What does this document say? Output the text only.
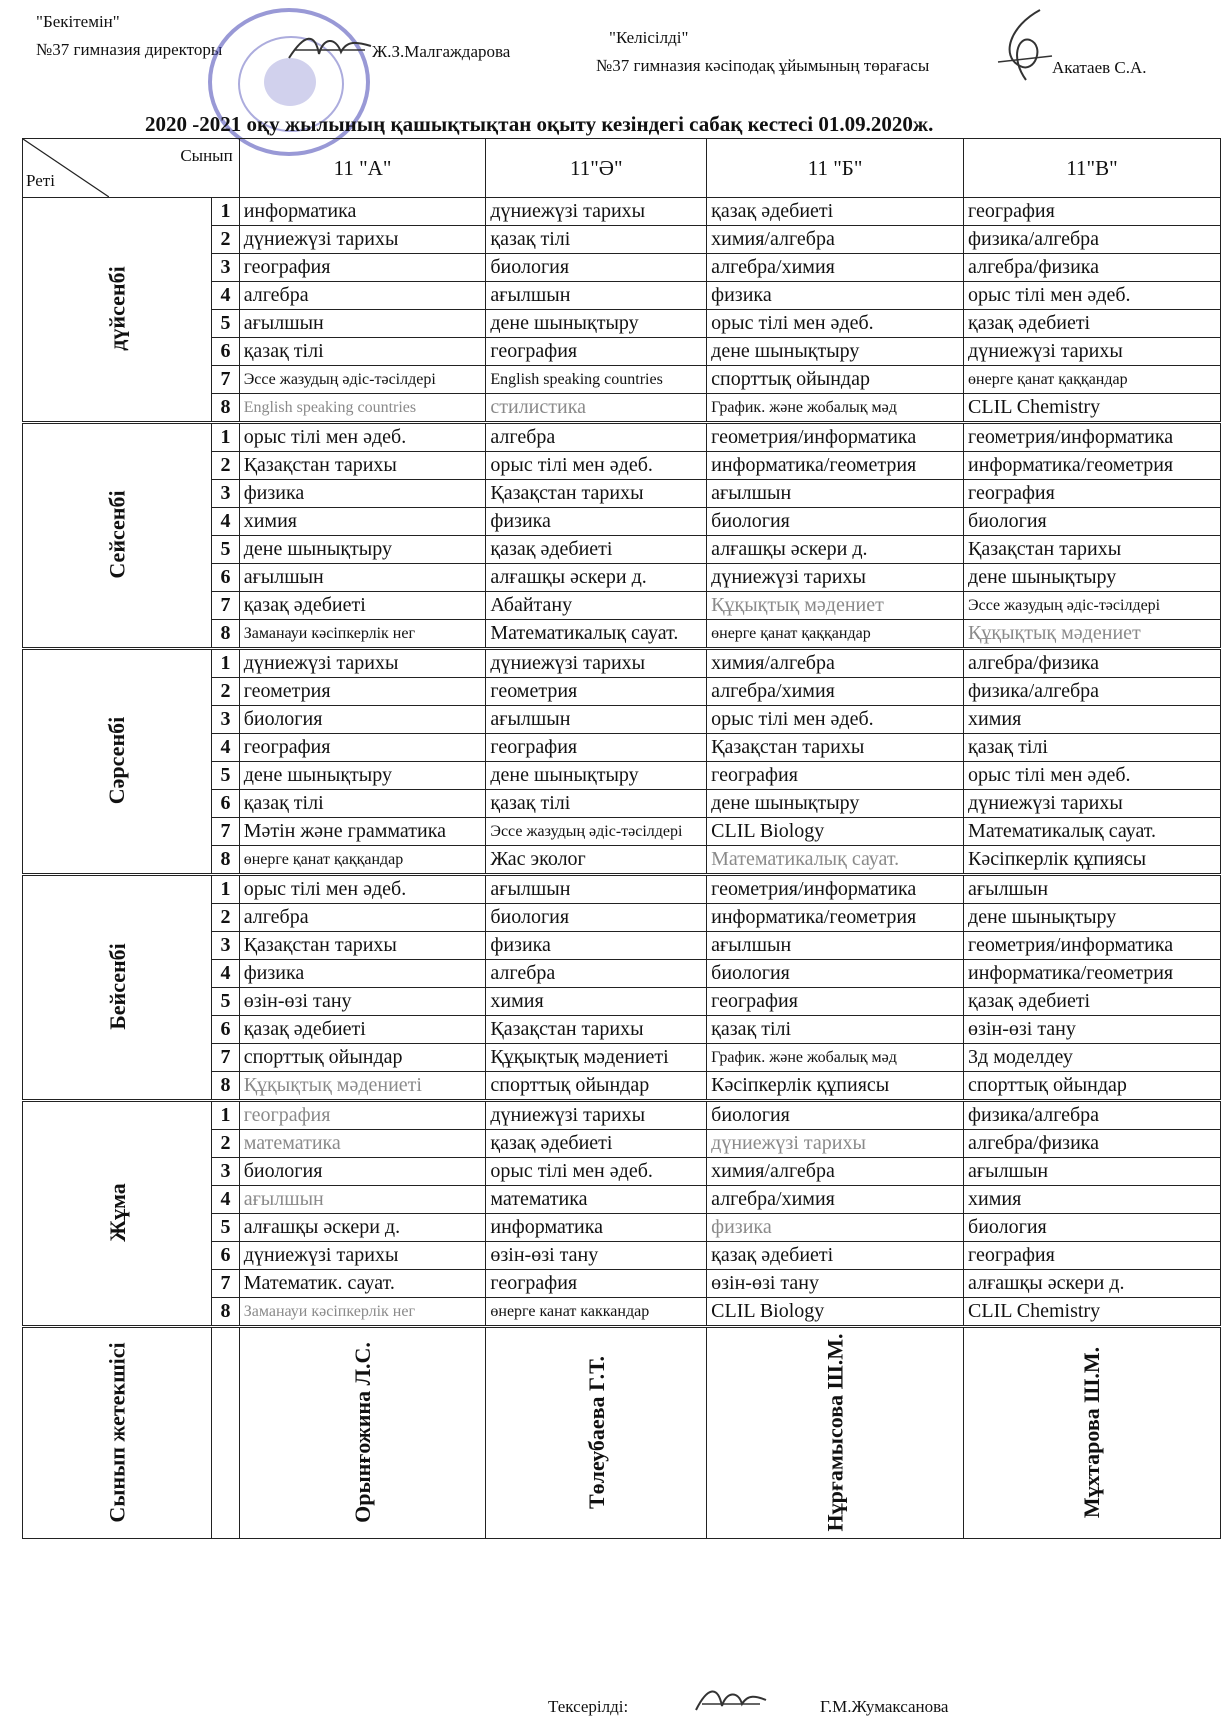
"Бекітемін"
№37 гимназия директоры	Ж.З.Малгаждарова
"Келісілді"
№37 гимназия кәсіподақ ұйымының төрағасы	Акатаев С.А.
2020 -2021 оқу жылының қашықтықтан оқыту кезіндегі сабақ кестесі 01.09.2020ж.
Сынып
Реті		11 "А"	11"Ә"	11 "Б"	11"В"
дүйсенбі	1	информатика	дүниежүзі тарихы	қазақ әдебиеті	география
	2	дүниежүзі тарихы	қазақ тілі	химия/алгебра	физика/алгебра
	3	география	биология	алгебра/химия	алгебра/физика
	4	алгебра	ағылшын	физика	орыс тілі мен әдеб.
	5	ағылшын	дене шынықтыру	орыс тілі мен әдеб.	қазақ әдебиеті
	6	қазақ тілі	география	дене шынықтыру	дүниежүзі тарихы
	7	Эссе жазудың әдіс-тәсілдері	English speaking countries	спорттық ойындар	өнерге қанат қаққандар
	8	English speaking countries	стилистика	График. және жобалық мәд	CLIL Chemistry
Сейсенбі	1	орыс тілі мен әдеб.	алгебра	геометрия/информатика	геометрия/информатика
	2	Қазақстан тарихы	орыс тілі мен әдеб.	информатика/геометрия	информатика/геометрия
	3	физика	Қазақстан тарихы	ағылшын	география
	4	химия	физика	биология	биология
	5	дене шынықтыру	қазақ әдебиеті	алғашқы әскери д.	Қазақстан тарихы
	6	ағылшын	алғашқы әскери д.	дүниежүзі тарихы	дене шынықтыру
	7	қазақ әдебиеті	Абайтану	Құқықтық мәдениет	Эссе жазудың әдіс-тәсілдері
	8	Заманауи кәсіпкерлік нег	Математикалық сауат.	өнерге қанат қаққандар	Құқықтық мәдениет
Сәрсенбі	1	дүниежүзі тарихы	дүниежүзі тарихы	химия/алгебра	алгебра/физика
	2	геометрия	геометрия	алгебра/химия	физика/алгебра
	3	биология	ағылшын	орыс тілі мен әдеб.	химия
	4	география	география	Қазақстан тарихы	қазақ тілі
	5	дене шынықтыру	дене шынықтыру	география	орыс тілі мен әдеб.
	6	қазақ тілі	қазақ тілі	дене шынықтыру	дүниежүзі тарихы
	7	Мәтін және грамматика	Эссе жазудың әдіс-тәсілдері	CLIL Biology	Математикалық сауат.
	8	өнерге қанат қаққандар	Жас эколог	Математикалық сауат.	Кәсіпкерлік құпиясы
Бейсенбі	1	орыс тілі мен әдеб.	ағылшын	геометрия/информатика	ағылшын
	2	алгебра	биология	информатика/геометрия	дене шынықтыру
	3	Қазақстан тарихы	физика	ағылшын	геометрия/информатика
	4	физика	алгебра	биология	информатика/геометрия
	5	өзін-өзі тану	химия	география	қазақ әдебиеті
	6	қазақ әдебиеті	Қазақстан тарихы	қазақ тілі	өзін-өзі тану
	7	спорттық ойындар	Құқықтық мәдениеті	График. және жобалық мәд	3д моделдеу
	8	Құқықтық мәдениеті	спорттық ойындар	Кәсіпкерлік құпиясы	спорттық ойындар
Жұма	1	география	дүниежүзі тарихы	биология	физика/алгебра
	2	математика	қазақ әдебиеті	дүниежүзі тарихы	алгебра/физика
	3	биология	орыс тілі мен әдеб.	химия/алгебра	ағылшын
	4	ағылшын	математика	алгебра/химия	химия
	5	алғашқы әскери д.	информатика	физика	биология
	6	дүниежүзі тарихы	өзін-өзі тану	қазақ әдебиеті	география
	7	Математик. сауат.	география	өзін-өзі тану	алғашқы әскери д.
	8	Заманауи кәсіпкерлік нег	өнерге канат каккандар	CLIL Biology	CLIL Chemistry
Сынып жетекшісі		Орынғожина Л.С.	Төлеубаева Г.Т.	Нұрғамысова Ш.М.	Мұхтарова Ш.М.
Тексерілді:	Г.М.Жумаксанова
